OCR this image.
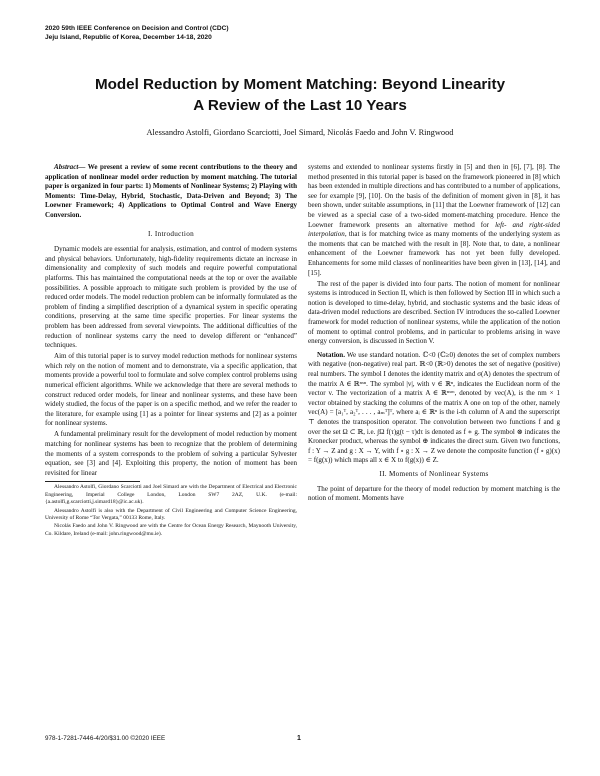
2020 59th IEEE Conference on Decision and Control (CDC)
Jeju Island, Republic of Korea, December 14-18, 2020
Model Reduction by Moment Matching: Beyond Linearity
A Review of the Last 10 Years
Alessandro Astolfi, Giordano Scarciotti, Joel Simard, Nicolás Faedo and John V. Ringwood

Abstract— We present a review of some recent contributions to the theory and application of nonlinear model order reduction by moment matching. The tutorial paper is organized in four parts: 1) Moments of Nonlinear Systems; 2) Playing with Moments: Time-Delay, Hybrid, Stochastic, Data-Driven and Beyond; 3) The Loewner Framework; 4) Applications to Optimal Control and Wave Energy Conversion.

I. Introduction

Dynamic models are essential for analysis, estimation, and control of modern systems and physical behaviors. Unfortunately, high-fidelity requirements dictate an increase in dimensionality and complexity of such models and require powerful computational platforms. This has maintained the computational needs at the top or over the available possibilities. A possible approach to mitigate such problem is provided by the use of reduced order models. The model reduction problem can be informally formulated as the problem of finding a simplified description of a dynamical system in specific operating conditions, preserving at the same time specific properties. For linear systems the problem has been addressed from several viewpoints. The additional difficulties of the reduction of nonlinear systems carry the need to develop different or “enhanced” techniques.

Aim of this tutorial paper is to survey model reduction methods for nonlinear systems which rely on the notion of moment and to demonstrate, via a specific application, that moments provide a powerful tool to formulate and solve complex control problems using numerical efficient algorithms. While we acknowledge that there are several methods to construct reduced order models, for linear and nonlinear systems, and these have been widely studied, the focus of the paper is on a specific method, and we refer the reader to the literature, for example using [1] as a pointer for linear systems and [2] as a pointer for nonlinear systems.

A fundamental preliminary result for the development of model reduction by moment matching for nonlinear systems has been to recognize that the problem of determining the moments of a system corresponds to the problem of solving a particular Sylvester equation, see [3] and [4]. Exploiting this property, the notion of moment has been revisited for linear

Alessandro Astolfi, Giordano Scarciotti and Joel Simard are with the Department of Electrical and Electronic Engineering, Imperial College London, London SW7 2AZ, U.K. (e-mail: {a.astolfi,g.scarciotti,j.simard18}@ic.ac.uk).

Alessandro Astolfi is also with the Department of Civil Engineering and Computer Science Engineering, University of Rome “Tor Vergata,” 00133 Rome, Italy.

Nicolás Faedo and John V. Ringwood are with the Centre for Ocean Energy Research, Maynooth University, Co. Kildare, Ireland (e-mail: john.ringwood@mu.ie).

systems and extended to nonlinear systems firstly in [5] and then in [6], [7], [8]. The method presented in this tutorial paper is based on the framework pioneered in [8] which has been extended in multiple directions and has contributed to a number of applications, see for example [9], [10]. On the basis of the definition of moment given in [8], it has been shown, under suitable assumptions, in [11] that the Loewner framework of [12] can be viewed as a special case of a two-sided moment-matching procedure. Hence the Loewner framework presents an alternative method for left- and right-sided interpolation, that is for matching twice as many moments of the underlying system as the moments that can be matched with the result in [8]. Note that, to date, a nonlinear enhancement of the Loewner framework has not yet been fully developed. Enhancements for some mild classes of nonlinearities have been given in [13], [14], and [15].

The rest of the paper is divided into four parts. The notion of moment for nonlinear systems is introduced in Section II, which is then followed by Section III in which such a notion is developed to time-delay, hybrid, and stochastic systems and the basic ideas of data-driven model reductions are described. Section IV introduces the so-called Loewner framework for model reduction of nonlinear systems, while the application of the notion of moment to optimal control problems, and in particular to problems arising in wave energy conversion, is discussed in Section V.

Notation. We use standard notation. ℂ<0 (ℂ≥0) denotes the set of complex numbers with negative (non-negative) real part. ℝ<0 (ℝ>0) denotes the set of negative (positive) real numbers. The symbol I denotes the identity matrix and σ(A) denotes the spectrum of the matrix A ∈ ℝⁿˣⁿ. The symbol |v|, with v ∈ ℝⁿ, indicates the Euclidean norm of the vector v. The vectorization of a matrix A ∈ ℝⁿˣᵐ, denoted by vec(A), is the nm × 1 vector obtained by stacking the columns of the matrix A one on top of the other, namely vec(A) = [a₁ᵀ, a₂ᵀ, . . . , aₘᵀ]ᵀ, where aᵢ ∈ ℝⁿ is the i-th column of A and the superscript ⊤ denotes the transposition operator. The convolution between two functions f and g over the set Ω ⊂ ℝ, i.e. ∫Ω f(τ)g(t − τ)dτ is denoted as f ∗ g. The symbol ⊗ indicates the Kronecker product, whereas the symbol ⊕ indicates the direct sum. Given two functions, f : Y → Z and g : X → Y, with f ∘ g : X → Z we denote the composite function (f ∘ g)(x) = f(g(x)) which maps all x ∈ X to f(g(x)) ∈ Z.

II. Moments of Nonlinear Systems

The point of departure for the theory of model reduction by moment matching is the notion of moment. Moments have

978-1-7281-7446-4/20/$31.00 ©2020 IEEE	1
